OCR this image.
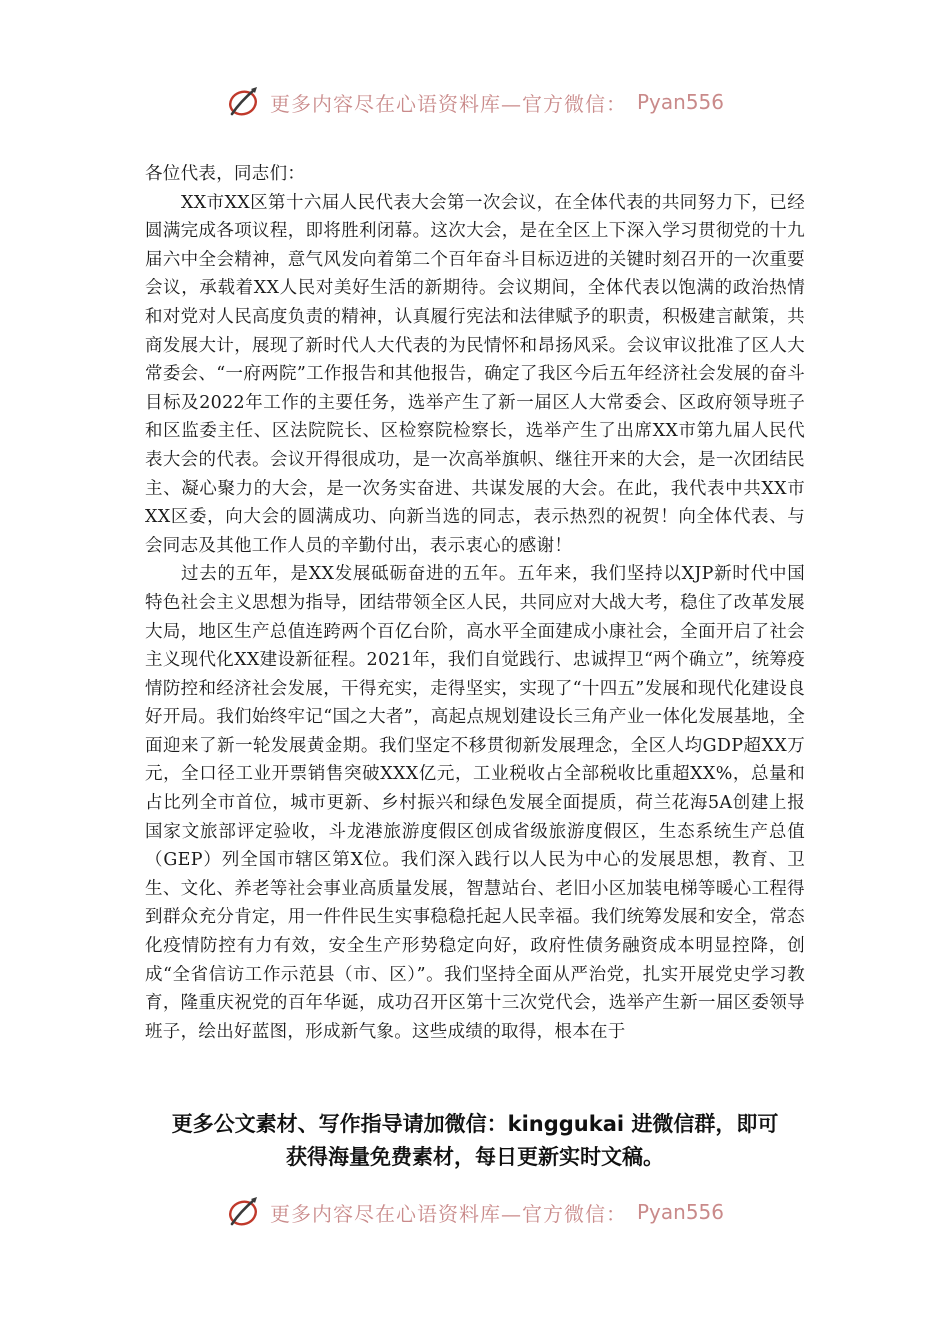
更多内容尽在心语资料库—官方微信： Pyan556

各位代表，同志们：

XX市XX区第十六届人民代表大会第一次会议，在全体代表的共同努力下，已经圆满完成各项议程，即将胜利闭幕。这次大会，是在全区上下深入学习贯彻党的十九届六中全会精神，意气风发向着第二个百年奋斗目标迈进的关键时刻召开的一次重要会议，承载着XX人民对美好生活的新期待。会议期间，全体代表以饱满的政治热情和对党对人民高度负责的精神，认真履行宪法和法律赋予的职责，积极建言献策，共商发展大计，展现了新时代人大代表的为民情怀和昂扬风采。会议审议批准了区人大常委会、“一府两院”工作报告和其他报告，确定了我区今后五年经济社会发展的奋斗目标及2022年工作的主要任务，选举产生了新一届区人大常委会、区政府领导班子和区监委主任、区法院院长、区检察院检察长，选举产生了出席XX市第九届人民代表大会的代表。会议开得很成功，是一次高举旗帜、继往开来的大会，是一次团结民主、凝心聚力的大会，是一次务实奋进、共谋发展的大会。在此，我代表中共XX市XX区委，向大会的圆满成功、向新当选的同志，表示热烈的祝贺！向全体代表、与会同志及其他工作人员的辛勤付出，表示衷心的感谢！

过去的五年，是XX发展砥砺奋进的五年。五年来，我们坚持以XJP新时代中国特色社会主义思想为指导，团结带领全区人民，共同应对大战大考，稳住了改革发展大局，地区生产总值连跨两个百亿台阶，高水平全面建成小康社会，全面开启了社会主义现代化XX建设新征程。2021年，我们自觉践行、忠诚捍卫“两个确立”，统筹疫情防控和经济社会发展，干得充实，走得坚实，实现了“十四五”发展和现代化建设良好开局。我们始终牢记“国之大者”，高起点规划建设长三角产业一体化发展基地，全面迎来了新一轮发展黄金期。我们坚定不移贯彻新发展理念，全区人均GDP超XX万元，全口径工业开票销售突破XXX亿元，工业税收占全部税收比重超XX%，总量和占比列全市首位，城市更新、乡村振兴和绿色发展全面提质，荷兰花海5A创建上报国家文旅部评定验收，斗龙港旅游度假区创成省级旅游度假区，生态系统生产总值（GEP）列全国市辖区第X位。我们深入践行以人民为中心的发展思想，教育、卫生、文化、养老等社会事业高质量发展，智慧站台、老旧小区加装电梯等暖心工程得到群众充分肯定，用一件件民生实事稳稳托起人民幸福。我们统筹发展和安全，常态化疫情防控有力有效，安全生产形势稳定向好，政府性债务融资成本明显控降，创成“全省信访工作示范县（市、区）”。我们坚持全面从严治党，扎实开展党史学习教育，隆重庆祝党的百年华诞，成功召开区第十三次党代会，选举产生新一届区委领导班子，绘出好蓝图，形成新气象。这些成绩的取得，根本在于

更多公文素材、写作指导请加微信：kinggukai 进微信群，即可
获得海量免费素材，每日更新实时文稿。
更多内容尽在心语资料库—官方微信： Pyan556
